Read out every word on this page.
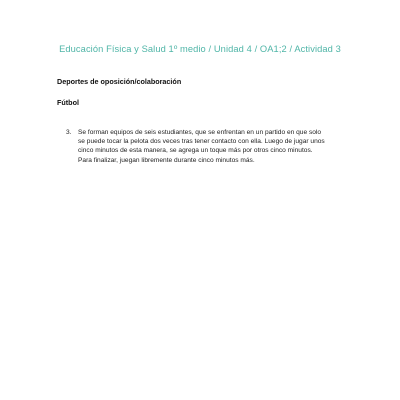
Educación Física y Salud 1º medio / Unidad 4 / OA1;2 / Actividad 3
Deportes de oposición/colaboración
Fútbol
3. Se forman equipos de seis estudiantes, que se enfrentan en un partido en que solo
se puede tocar la pelota dos veces tras tener contacto con ella. Luego de jugar unos
cinco minutos de esta manera, se agrega un toque más por otros cinco minutos.
Para finalizar, juegan libremente durante cinco minutos más.
